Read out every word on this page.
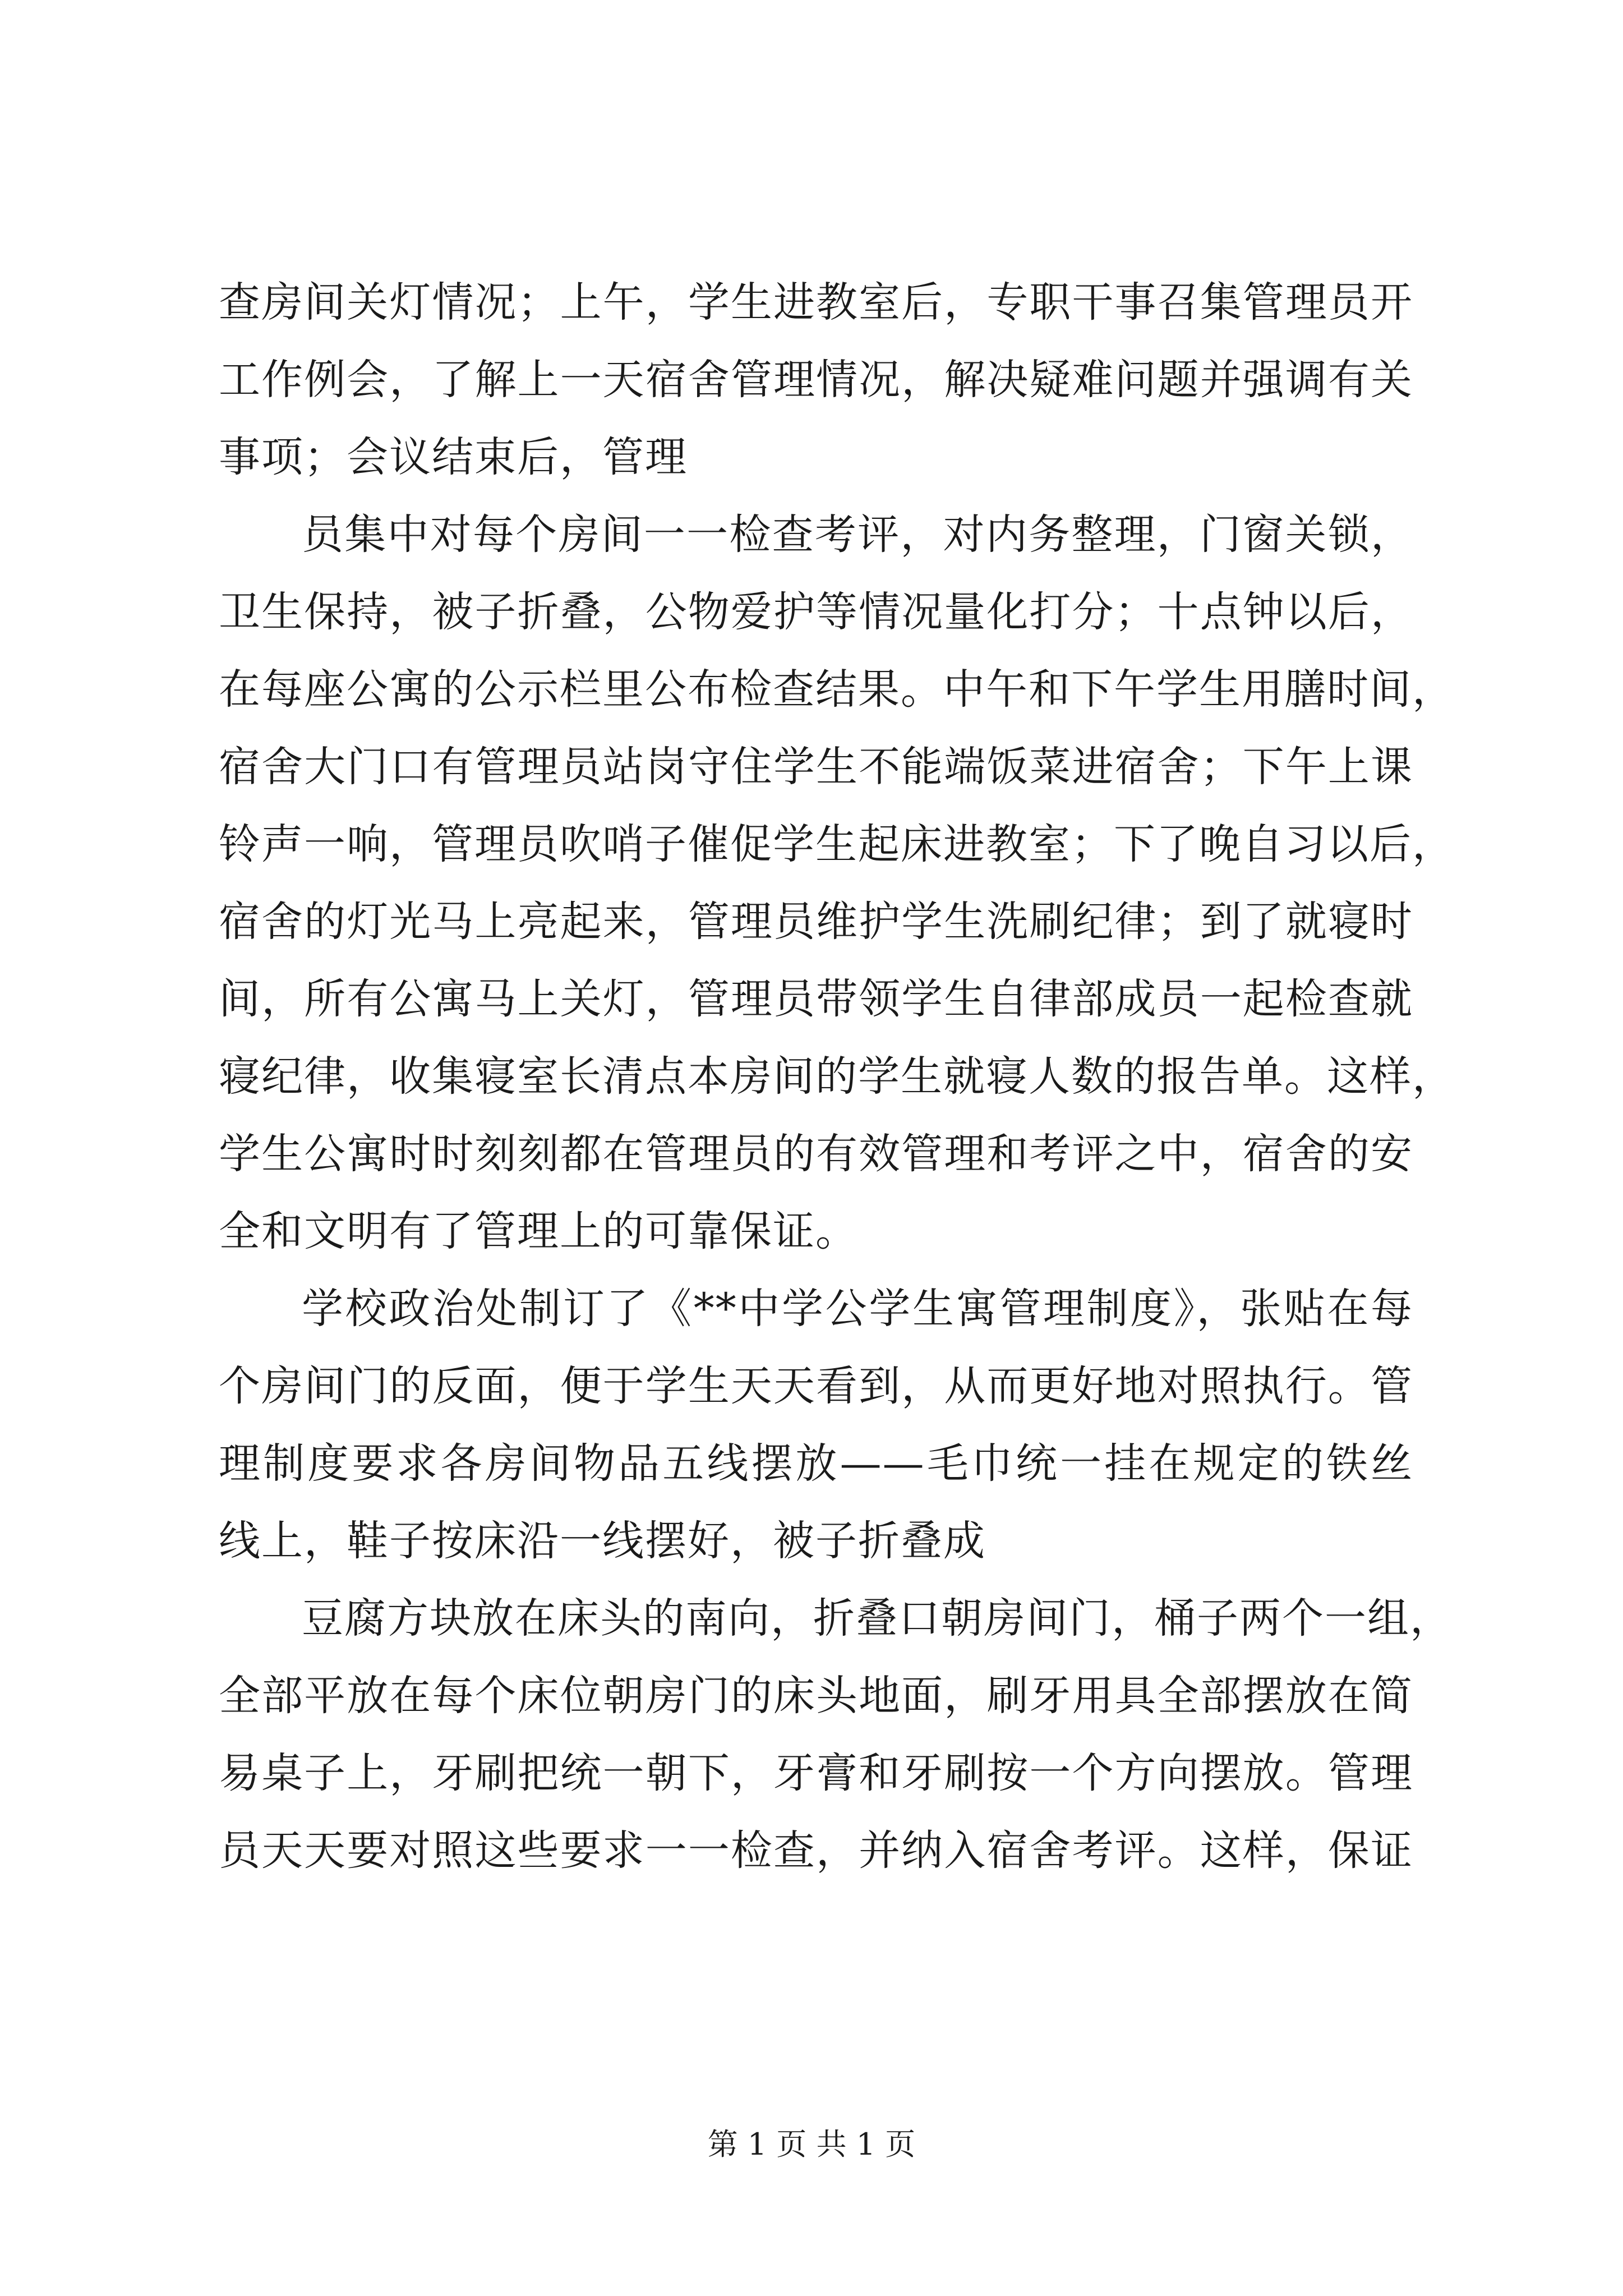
查房间关灯情况；上午，学生进教室后，专职干事召集管理员开
工作例会，了解上一天宿舍管理情况，解决疑难问题并强调有关
事项；会议结束后，管理
员集中对每个房间一一检查考评，对内务整理，门窗关锁，
卫生保持，被子折叠，公物爱护等情况量化打分；十点钟以后，
在每座公寓的公示栏里公布检查结果。中午和下午学生用膳时间，
宿舍大门口有管理员站岗守住学生不能端饭菜进宿舍；下午上课
铃声一响，管理员吹哨子催促学生起床进教室；下了晚自习以后，
宿舍的灯光马上亮起来，管理员维护学生洗刷纪律；到了就寝时
间，所有公寓马上关灯，管理员带领学生自律部成员一起检查就
寝纪律，收集寝室长清点本房间的学生就寝人数的报告单。这样，
学生公寓时时刻刻都在管理员的有效管理和考评之中，宿舍的安
全和文明有了管理上的可靠保证。
学校政治处制订了《**中学公学生寓管理制度》，张贴在每
个房间门的反面，便于学生天天看到，从而更好地对照执行。管
理制度要求各房间物品五线摆放——毛巾统一挂在规定的铁丝
线上，鞋子按床沿一线摆好，被子折叠成
豆腐方块放在床头的南向，折叠口朝房间门，桶子两个一组，
全部平放在每个床位朝房门的床头地面，刷牙用具全部摆放在简
易桌子上，牙刷把统一朝下，牙膏和牙刷按一个方向摆放。管理
员天天要对照这些要求一一检查，并纳入宿舍考评。这样，保证
第 1 页 共 1 页
